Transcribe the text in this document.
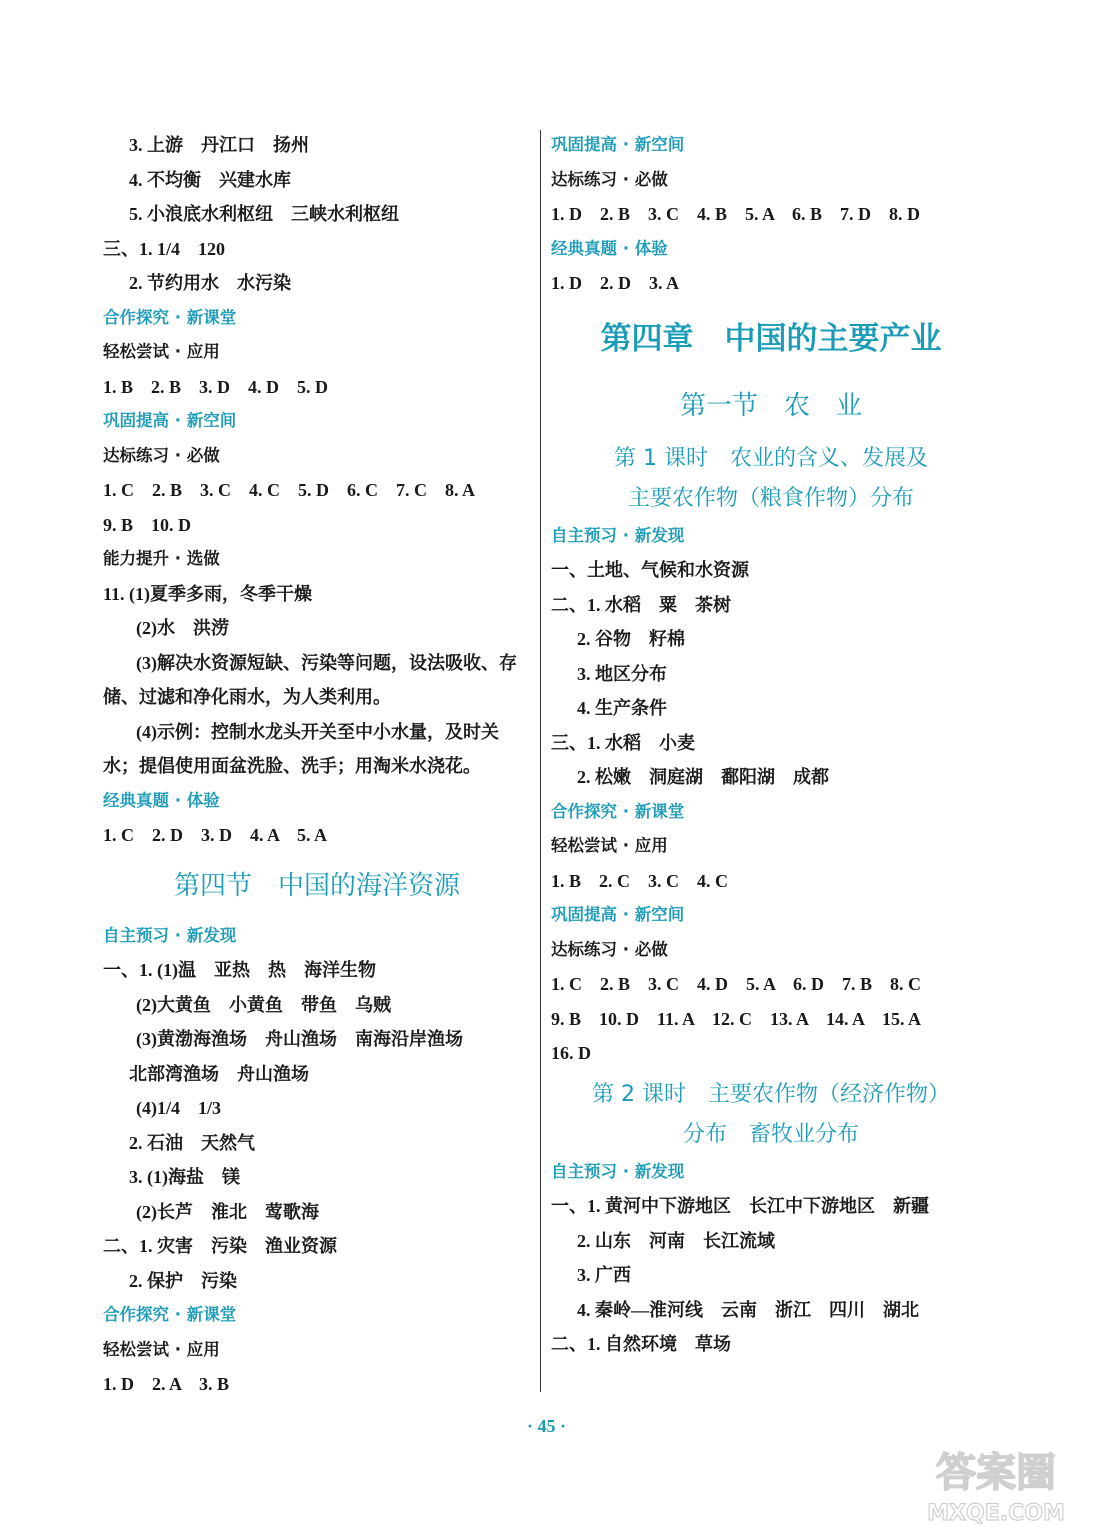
3. 上游　丹江口　扬州
4. 不均衡　兴建水库
5. 小浪底水利枢纽　三峡水利枢纽
三、1. 1/4　120
2. 节约用水　水污染
合作探究 · 新课堂
轻松尝试 · 应用
1. B　2. B　3. D　4. D　5. D
巩固提高 · 新空间
达标练习 · 必做
1. C　2. B　3. C　4. C　5. D　6. C　7. C　8. A
9. B　10. D
能力提升 · 选做
11. (1)夏季多雨，冬季干燥
(2)水　洪涝
(3)解决水资源短缺、污染等问题，设法吸收、存储、过滤和净化雨水，为人类利用。
(4)示例：控制水龙头开关至中小水量，及时关水；提倡使用面盆洗脸、洗手；用淘米水浇花。
经典真题 · 体验
1. C　2. D　3. D　4. A　5. A
第四节　中国的海洋资源
自主预习 · 新发现
一、1. (1)温　亚热　热　海洋生物
(2)大黄鱼　小黄鱼　带鱼　乌贼
(3)黄渤海渔场　舟山渔场　南海沿岸渔场
北部湾渔场　舟山渔场
(4)1/4　1/3
2. 石油　天然气
3. (1)海盐　镁
(2)长芦　淮北　莺歌海
二、1. 灾害　污染　渔业资源
2. 保护　污染
合作探究 · 新课堂
轻松尝试 · 应用
1. D　2. A　3. B
巩固提高 · 新空间
达标练习 · 必做
1. D　2. B　3. C　4. B　5. A　6. B　7. D　8. D
经典真题 · 体验
1. D　2. D　3. A
第四章　中国的主要产业
第一节　农　业
第 1 课时　农业的含义、发展及
主要农作物（粮食作物）分布
自主预习 · 新发现
一、土地、气候和水资源
二、1. 水稻　粟　茶树
2. 谷物　籽棉
3. 地区分布
4. 生产条件
三、1. 水稻　小麦
2. 松嫩　洞庭湖　鄱阳湖　成都
合作探究 · 新课堂
轻松尝试 · 应用
1. B　2. C　3. C　4. C
巩固提高 · 新空间
达标练习 · 必做
1. C　2. B　3. C　4. D　5. A　6. D　7. B　8. C
9. B　10. D　11. A　12. C　13. A　14. A　15. A
16. D
第 2 课时　主要农作物（经济作物）
分布　畜牧业分布
自主预习 · 新发现
一、1. 黄河中下游地区　长江中下游地区　新疆
2. 山东　河南　长江流域
3. 广西
4. 秦岭—淮河线　云南　浙江　四川　湖北
二、1. 自然环境　草场
· 45 ·
答案圈
MXQE.COM
